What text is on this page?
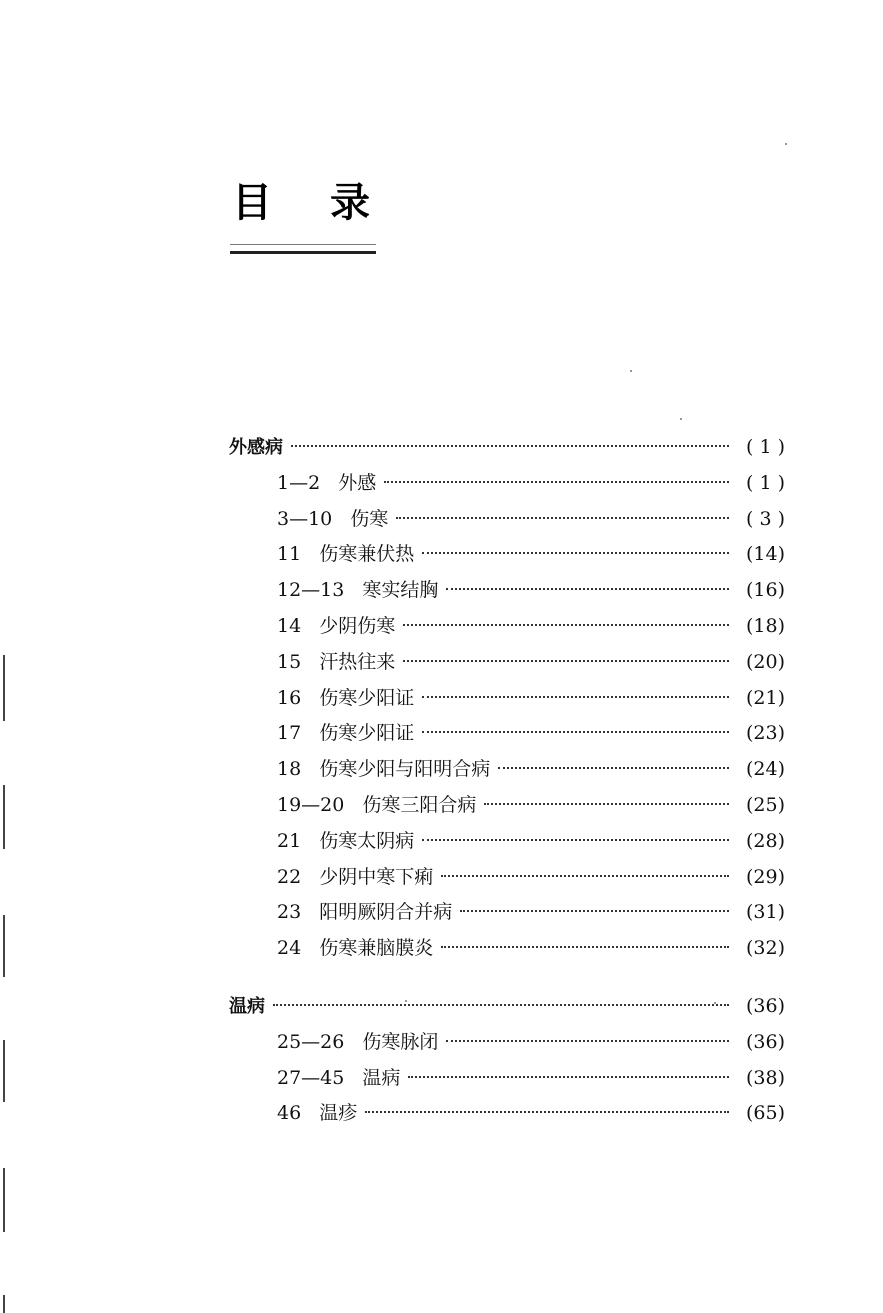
目录
外感病	( 1 )
1—2 外感	( 1 )
3—10 伤寒	( 3 )
11 伤寒兼伏热	(14)
12—13 寒实结胸	(16)
14 少阴伤寒	(18)
15 汗热往来	(20)
16 伤寒少阳证	(21)
17 伤寒少阳证	(23)
18 伤寒少阳与阳明合病	(24)
19—20 伤寒三阳合病	(25)
21 伤寒太阴病	(28)
22 少阴中寒下痢	(29)
23 阳明厥阴合并病	(31)
24 伤寒兼脑膜炎	(32)
温病	(36)
25—26 伤寒脉闭	(36)
27—45 温病	(38)
46 温疹	(65)
